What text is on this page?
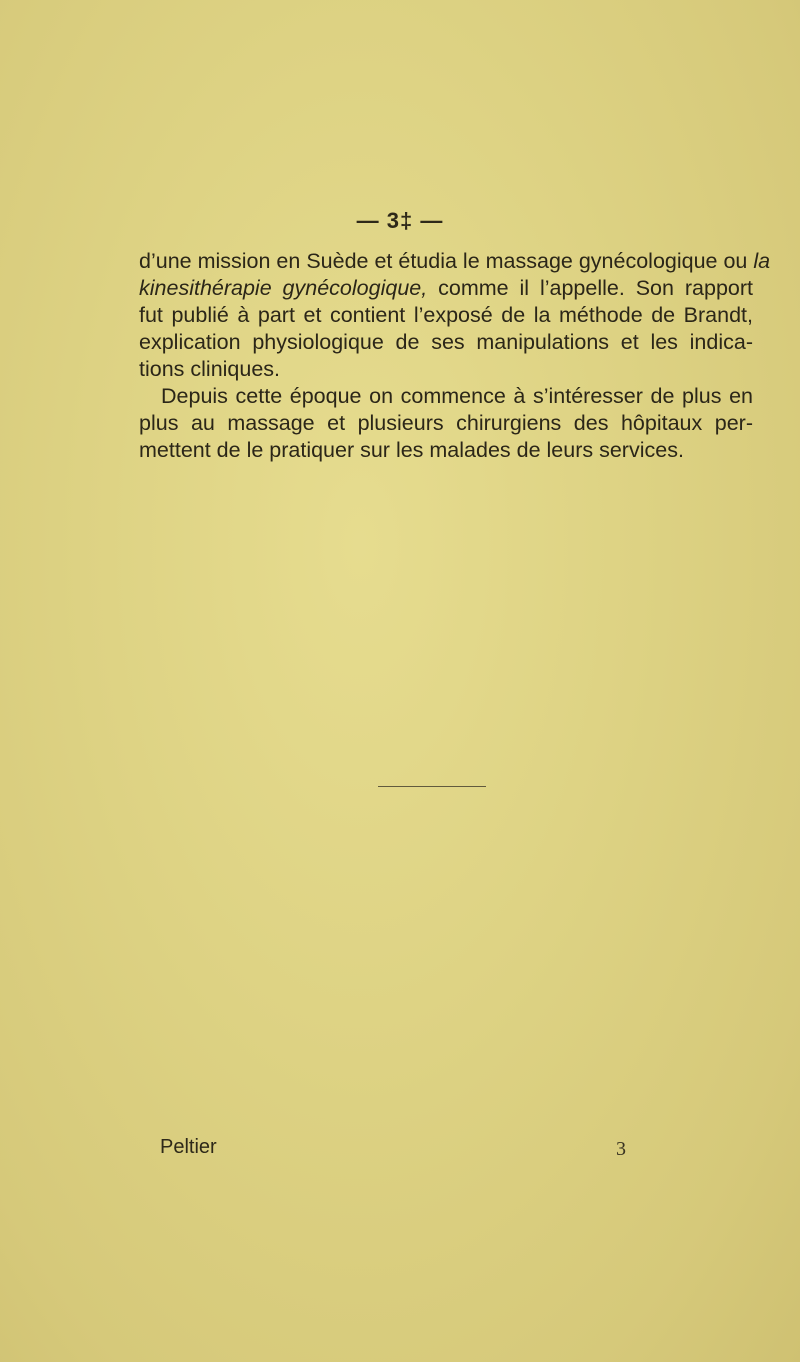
— 3‡ —
d’une mission en Suède et étudia le massage gynécologique ou la
kinesithérapie gynécologique, comme il l’appelle. Son rapport
fut publié à part et contient l’exposé de la méthode de Brandt,
explication physiologique de ses manipulations et les indica-
tions cliniques.
Depuis cette époque on commence à s’intéresser de plus en
plus au massage et plusieurs chirurgiens des hôpitaux per-
mettent de le pratiquer sur les malades de leurs services.
Peltier	3
